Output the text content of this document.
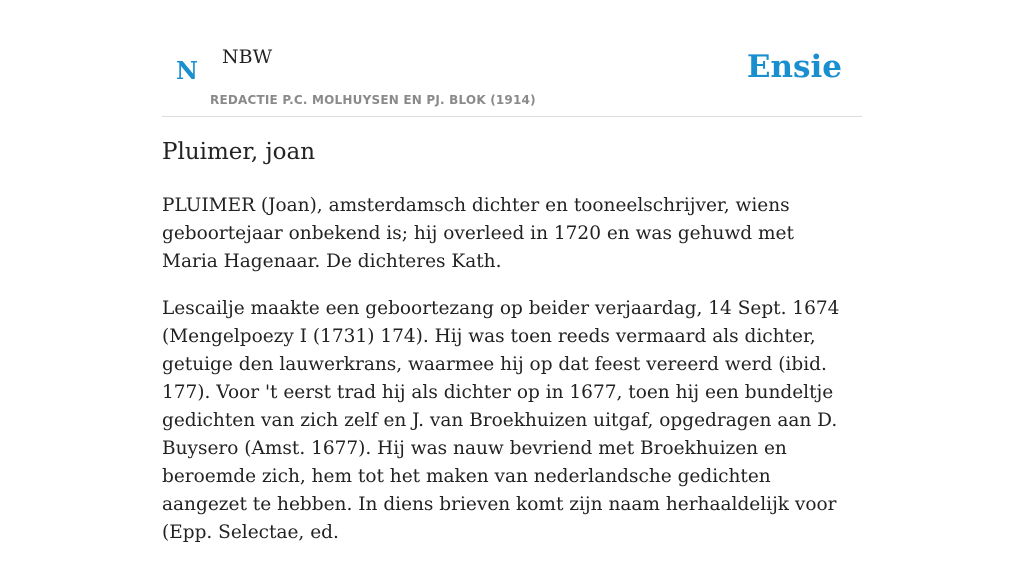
N NBW
REDACTIE P.C. MOLHUYSEN EN PJ. BLOK (1914)
Ensie
Pluimer, joan

PLUIMER (Joan), amsterdamsch dichter en tooneelschrijver, wiens geboortejaar onbekend is; hij overleed in 1720 en was gehuwd met Maria Hagenaar. De dichteres Kath.

Lescailje maakte een geboortezang op beider verjaardag, 14 Sept. 1674 (Mengelpoezy I (1731) 174). Hij was toen reeds vermaard als dichter, getuige den lauwerkrans, waarmee hij op dat feest vereerd werd (ibid. 177). Voor 't eerst trad hij als dichter op in 1677, toen hij een bundeltje gedichten van zich zelf en J. van Broekhuizen uitgaf, opgedragen aan D. Buysero (Amst. 1677). Hij was nauw bevriend met Broekhuizen en beroemde zich, hem tot het maken van nederlandsche gedichten aangezet te hebben. In diens brieven komt zijn naam herhaaldelijk voor (Epp. Selectae, ed.
